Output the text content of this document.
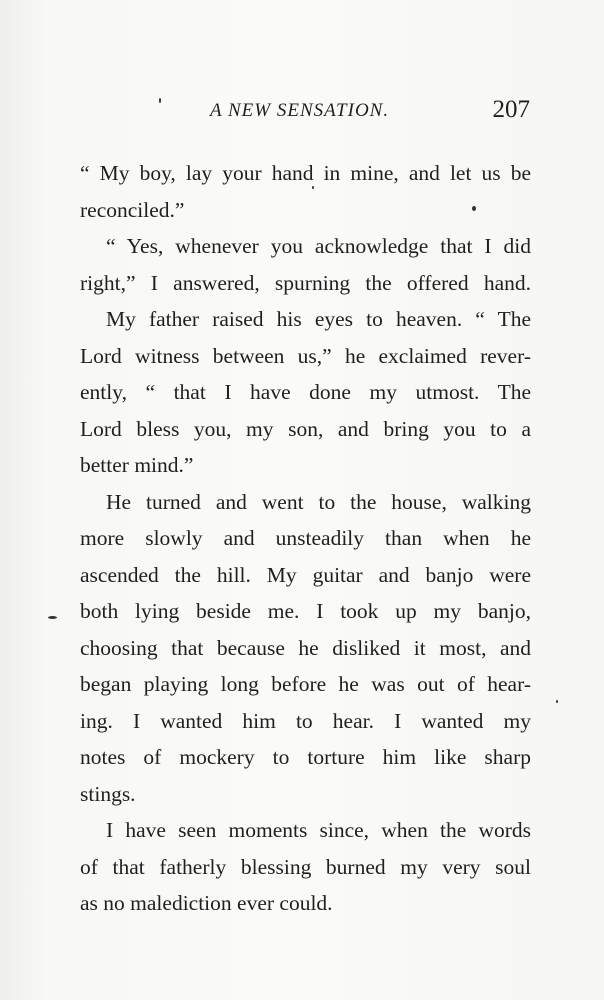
A NEW SENSATION.	207
“ My boy, lay your hand in mine, and let us be
reconciled.”
“ Yes, whenever you acknowledge that I did
right,” I answered, spurning the offered hand.
My father raised his eyes to heaven. “ The
Lord witness between us,” he exclaimed rever-
ently, “ that I have done my utmost. The
Lord bless you, my son, and bring you to a
better mind.”
He turned and went to the house, walking
more slowly and unsteadily than when he
ascended the hill. My guitar and banjo were
both lying beside me. I took up my banjo,
choosing that because he disliked it most, and
began playing long before he was out of hear-
ing. I wanted him to hear. I wanted my
notes of mockery to torture him like sharp
stings.
I have seen moments since, when the words
of that fatherly blessing burned my very soul
as no malediction ever could.
